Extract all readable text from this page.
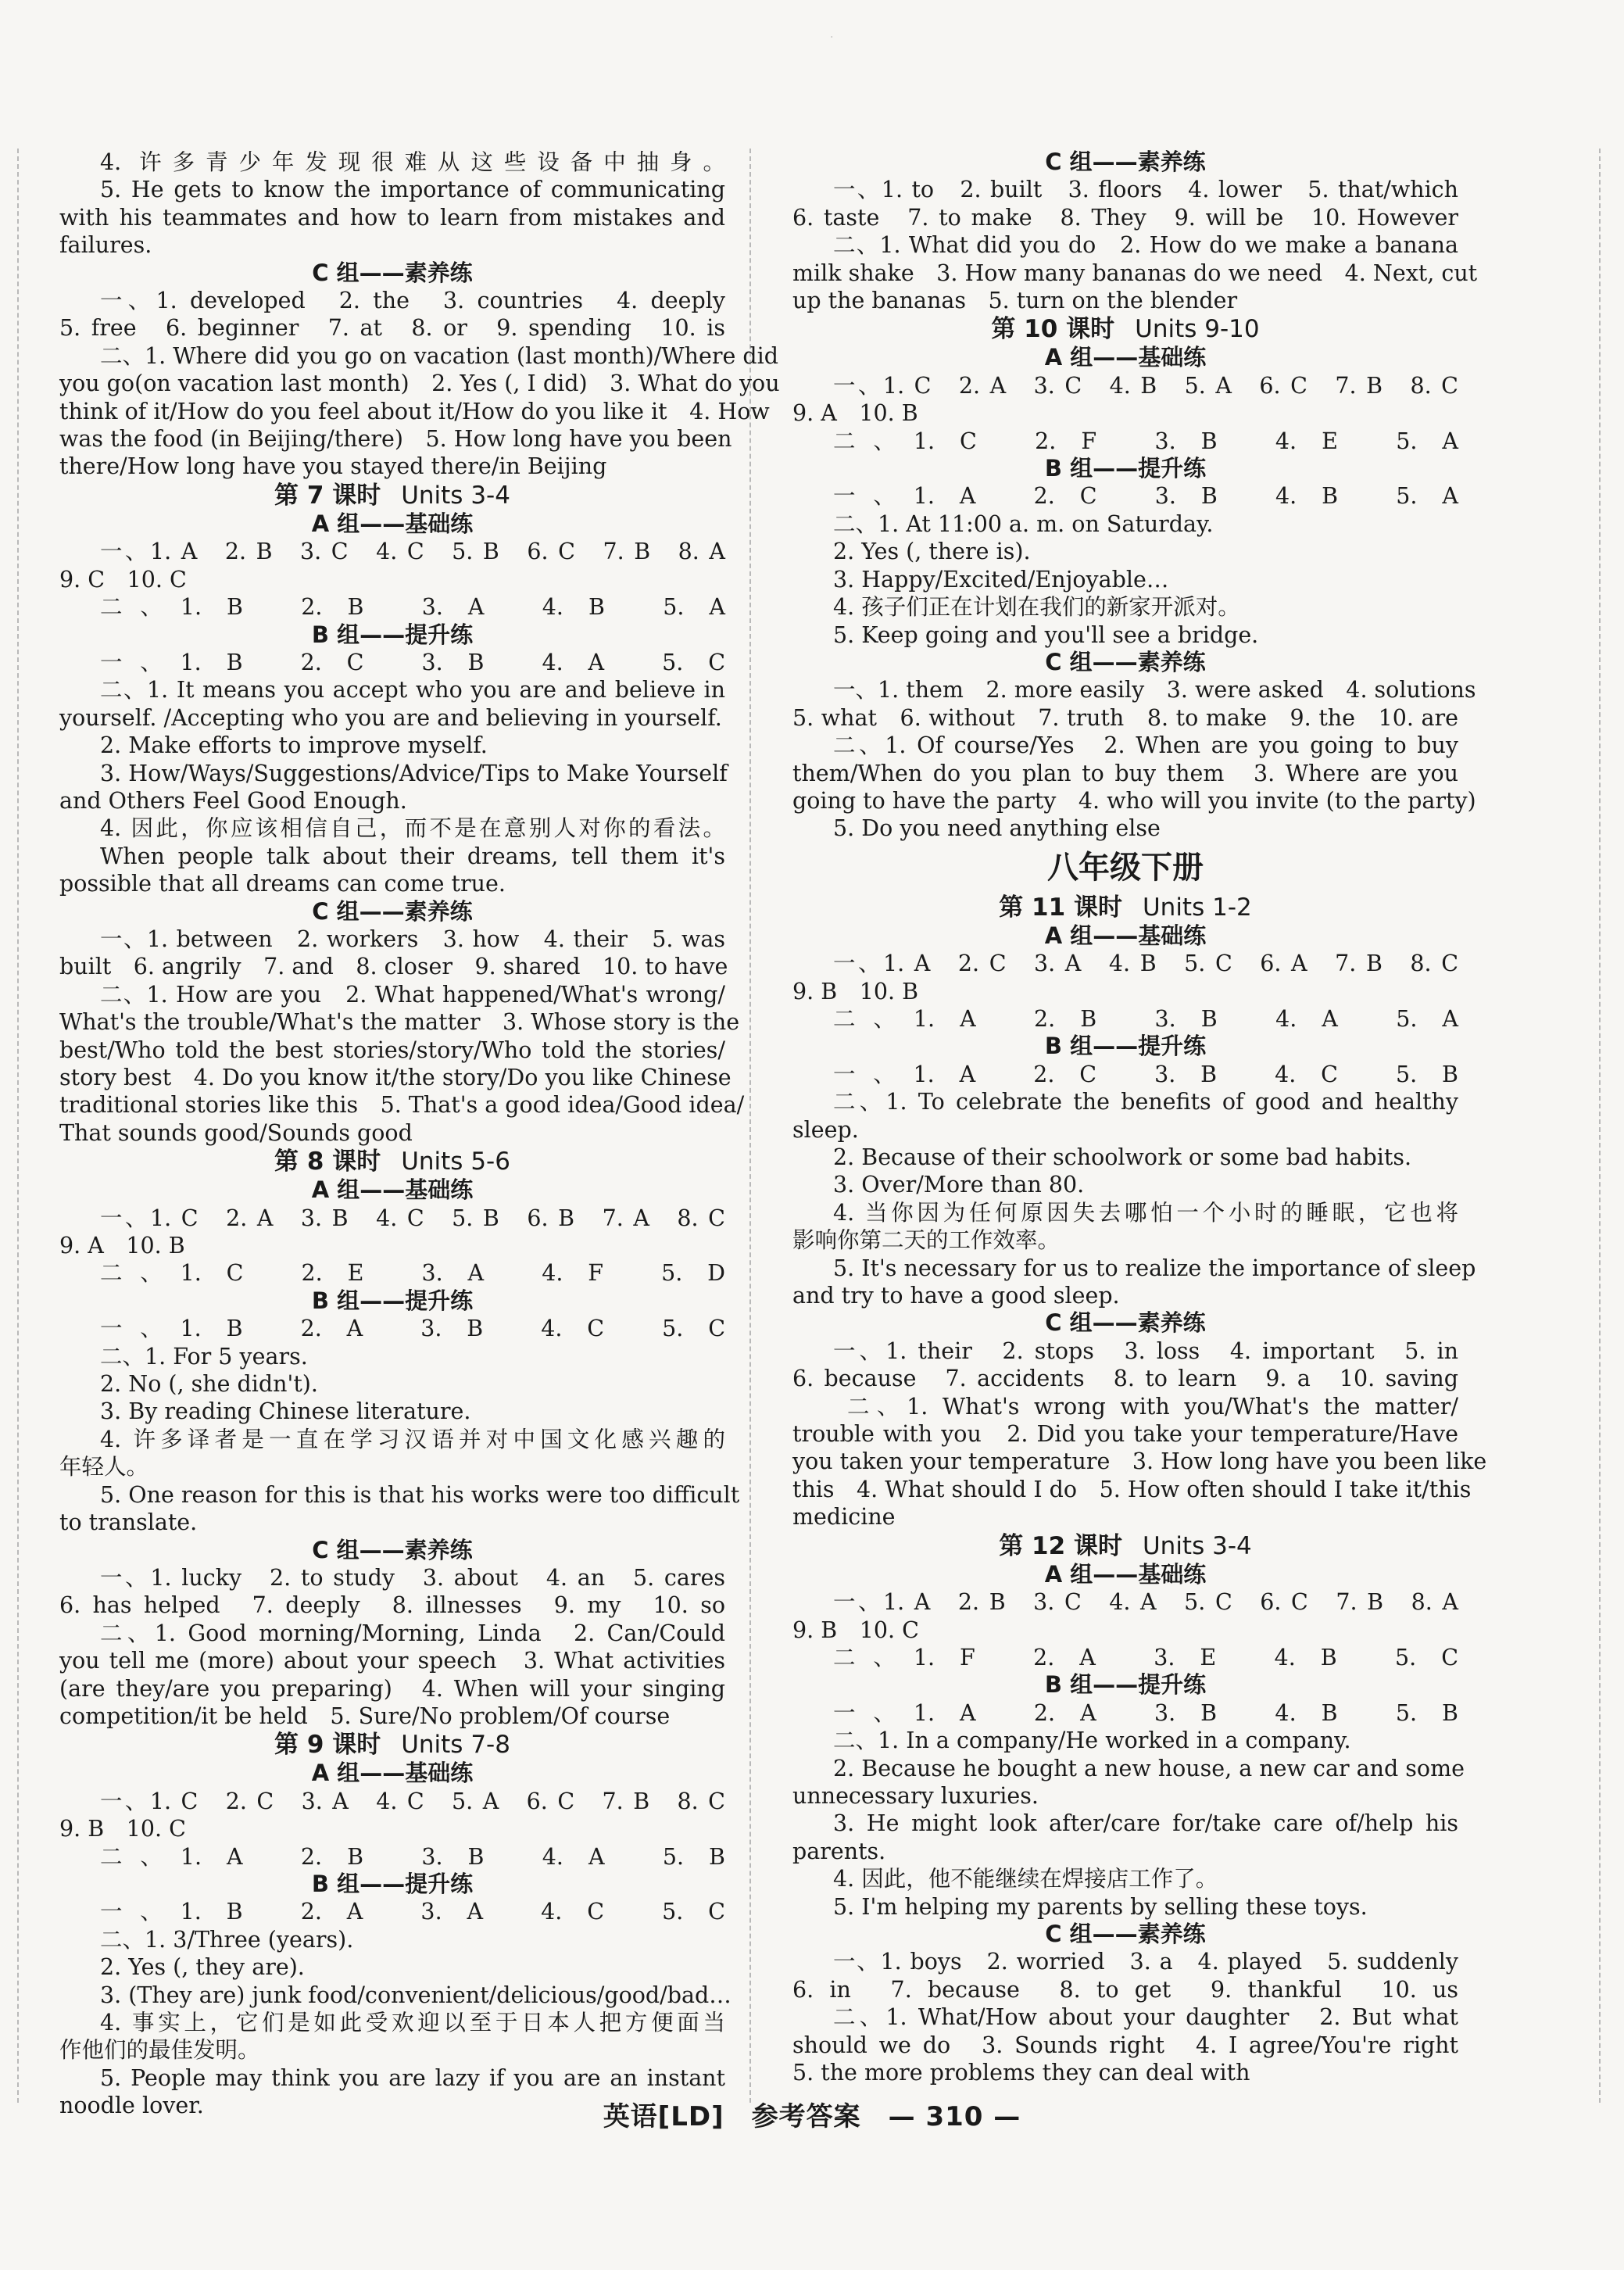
·
4. 许多青少年发现很难从这些设备中抽身。
5. He gets to know the importance of communicating
with his teammates and how to learn from mistakes and
failures.
C 组——素养练
一、1. developed　2. the　3. countries　4. deeply
5. free　6. beginner　7. at　8. or　9. spending　10. is
二、1. Where did you go on vacation (last month)/Where did
you go(on vacation last month)　2. Yes (, I did)　3. What do you
think of it/How do you feel about it/How do you like it　4. How
was the food (in Beijing/there)　5. How long have you been
there/How long have you stayed there/in Beijing
第 7 课时 Units 3-4
A 组——基础练
一、1. A　2. B　3. C　4. C　5. B　6. C　7. B　8. A
9. C　10. C
二、1. B　2. B　3. A　4. B　5. A
B 组——提升练
一、1. B　2. C　3. B　4. A　5. C
二、1. It means you accept who you are and believe in
yourself. /Accepting who you are and believing in yourself.
2. Make efforts to improve myself.
3. How/Ways/Suggestions/Advice/Tips to Make Yourself
and Others Feel Good Enough.
4. 因此，你应该相信自己，而不是在意别人对你的看法。
When people talk about their dreams, tell them it's
possible that all dreams can come true.
C 组——素养练
一、1. between　2. workers　3. how　4. their　5. was
built　6. angrily　7. and　8. closer　9. shared　10. to have
二、1. How are you　2. What happened/What's wrong/
What's the trouble/What's the matter　3. Whose story is the
best/Who told the best stories/story/Who told the stories/
story best　4. Do you know it/the story/Do you like Chinese
traditional stories like this　5. That's a good idea/Good idea/
That sounds good/Sounds good
第 8 课时 Units 5-6
A 组——基础练
一、1. C　2. A　3. B　4. C　5. B　6. B　7. A　8. C
9. A　10. B
二、1. C　2. E　3. A　4. F　5. D
B 组——提升练
一、1. B　2. A　3. B　4. C　5. C
二、1. For 5 years.
2. No (, she didn't).
3. By reading Chinese literature.
4. 许多译者是一直在学习汉语并对中国文化感兴趣的
年轻人。
5. One reason for this is that his works were too difficult
to translate.
C 组——素养练
一、1. lucky　2. to study　3. about　4. an　5. cares
6. has helped　7. deeply　8. illnesses　9. my　10. so
二、1. Good morning/Morning, Linda　2. Can/Could
you tell me (more) about your speech　3. What activities
(are they/are you preparing)　4. When will your singing
competition/it be held　5. Sure/No problem/Of course
第 9 课时 Units 7-8
A 组——基础练
一、1. C　2. C　3. A　4. C　5. A　6. C　7. B　8. C
9. B　10. C
二、1. A　2. B　3. B　4. A　5. B
B 组——提升练
一、1. B　2. A　3. A　4. C　5. C
二、1. 3/Three (years).
2. Yes (, they are).
3. (They are) junk food/convenient/delicious/good/bad…
4. 事实上，它们是如此受欢迎以至于日本人把方便面当
作他们的最佳发明。
5. People may think you are lazy if you are an instant
noodle lover.
C 组——素养练
一、1. to　2. built　3. floors　4. lower　5. that/which
6. taste　7. to make　8. They　9. will be　10. However
二、1. What did you do　2. How do we make a banana
milk shake　3. How many bananas do we need　4. Next, cut
up the bananas　5. turn on the blender
第 10 课时 Units 9-10
A 组——基础练
一、1. C　2. A　3. C　4. B　5. A　6. C　7. B　8. C
9. A　10. B
二、1. C　2. F　3. B　4. E　5. A
B 组——提升练
一、1. A　2. C　3. B　4. B　5. A
二、1. At 11:00 a. m. on Saturday.
2. Yes (, there is).
3. Happy/Excited/Enjoyable…
4. 孩子们正在计划在我们的新家开派对。
5. Keep going and you'll see a bridge.
C 组——素养练
一、1. them　2. more easily　3. were asked　4. solutions
5. what　6. without　7. truth　8. to make　9. the　10. are
二、1. Of course/Yes　2. When are you going to buy
them/When do you plan to buy them　3. Where are you
going to have the party　4. who will you invite (to the party)
5. Do you need anything else
八年级下册
第 11 课时 Units 1-2
A 组——基础练
一、1. A　2. C　3. A　4. B　5. C　6. A　7. B　8. C
9. B　10. B
二、1. A　2. B　3. B　4. A　5. A
B 组——提升练
一、1. A　2. C　3. B　4. C　5. B
二、1. To celebrate the benefits of good and healthy
sleep.
2. Because of their schoolwork or some bad habits.
3. Over/More than 80.
4. 当你因为任何原因失去哪怕一个小时的睡眠，它也将
影响你第二天的工作效率。
5. It's necessary for us to realize the importance of sleep
and try to have a good sleep.
C 组——素养练
一、1. their　2. stops　3. loss　4. important　5. in
6. because　7. accidents　8. to learn　9. a　10. saving
二、1. What's wrong with you/What's the matter/
trouble with you　2. Did you take your temperature/Have
you taken your temperature　3. How long have you been like
this　4. What should I do　5. How often should I take it/this
medicine
第 12 课时 Units 3-4
A 组——基础练
一、1. A　2. B　3. C　4. A　5. C　6. C　7. B　8. A
9. B　10. C
二、1. F　2. A　3. E　4. B　5. C
B 组——提升练
一、1. A　2. A　3. B　4. B　5. B
二、1. In a company/He worked in a company.
2. Because he bought a new house, a new car and some
unnecessary luxuries.
3. He might look after/care for/take care of/help his
parents.
4. 因此，他不能继续在焊接店工作了。
5. I'm helping my parents by selling these toys.
C 组——素养练
一、1. boys　2. worried　3. a　4. played　5. suddenly
6. in　7. because　8. to get　9. thankful　10. us
二、1. What/How about your daughter　2. But what
should we do　3. Sounds right　4. I agree/You're right
5. the more problems they can deal with
英语[LD]　参考答案　— 310 —
